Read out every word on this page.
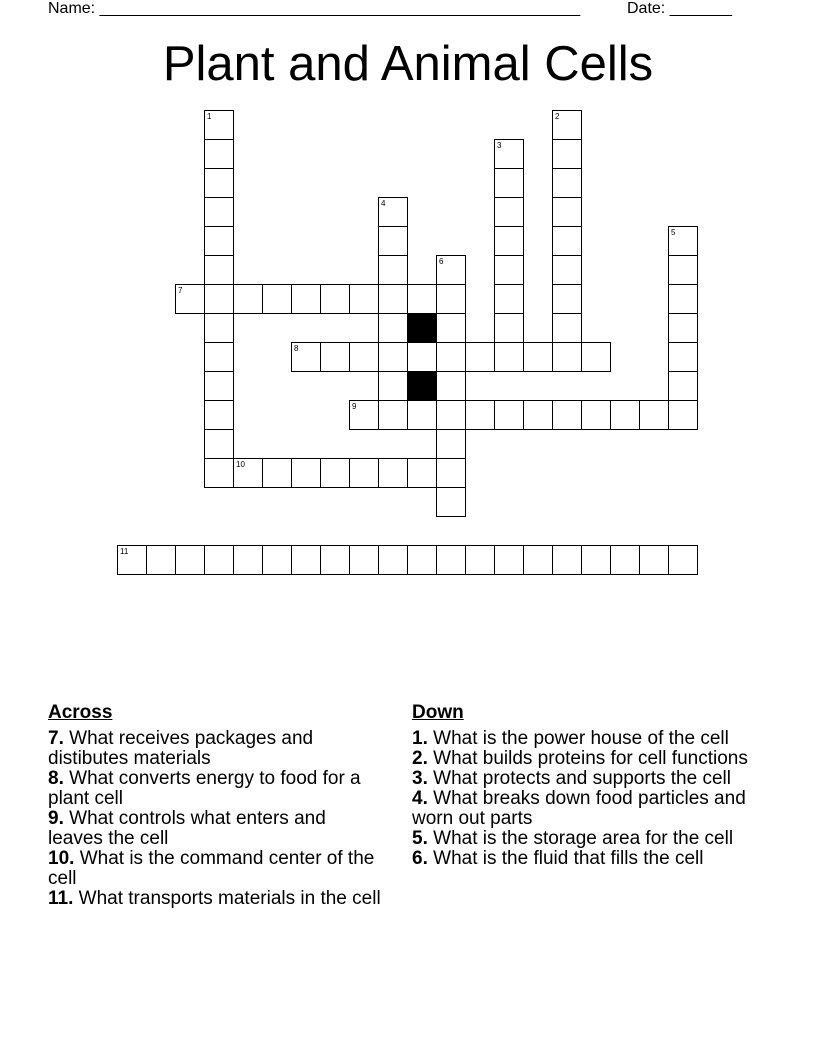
Name: ______________________________________________________	Date: _______
Plant and Animal Cells
1	2
3
4
5
6
7
8
9
10
11
Across
7. What receives packages and distibutes materials
8. What converts energy to food for a plant cell
9. What controls what enters and leaves the cell
10. What is the command center of the cell
11. What transports materials in the cell
Down
1. What is the power house of the cell
2. What builds proteins for cell functions
3. What protects and supports the cell
4. What breaks down food particles and worn out parts
5. What is the storage area for the cell
6. What is the fluid that fills the cell
